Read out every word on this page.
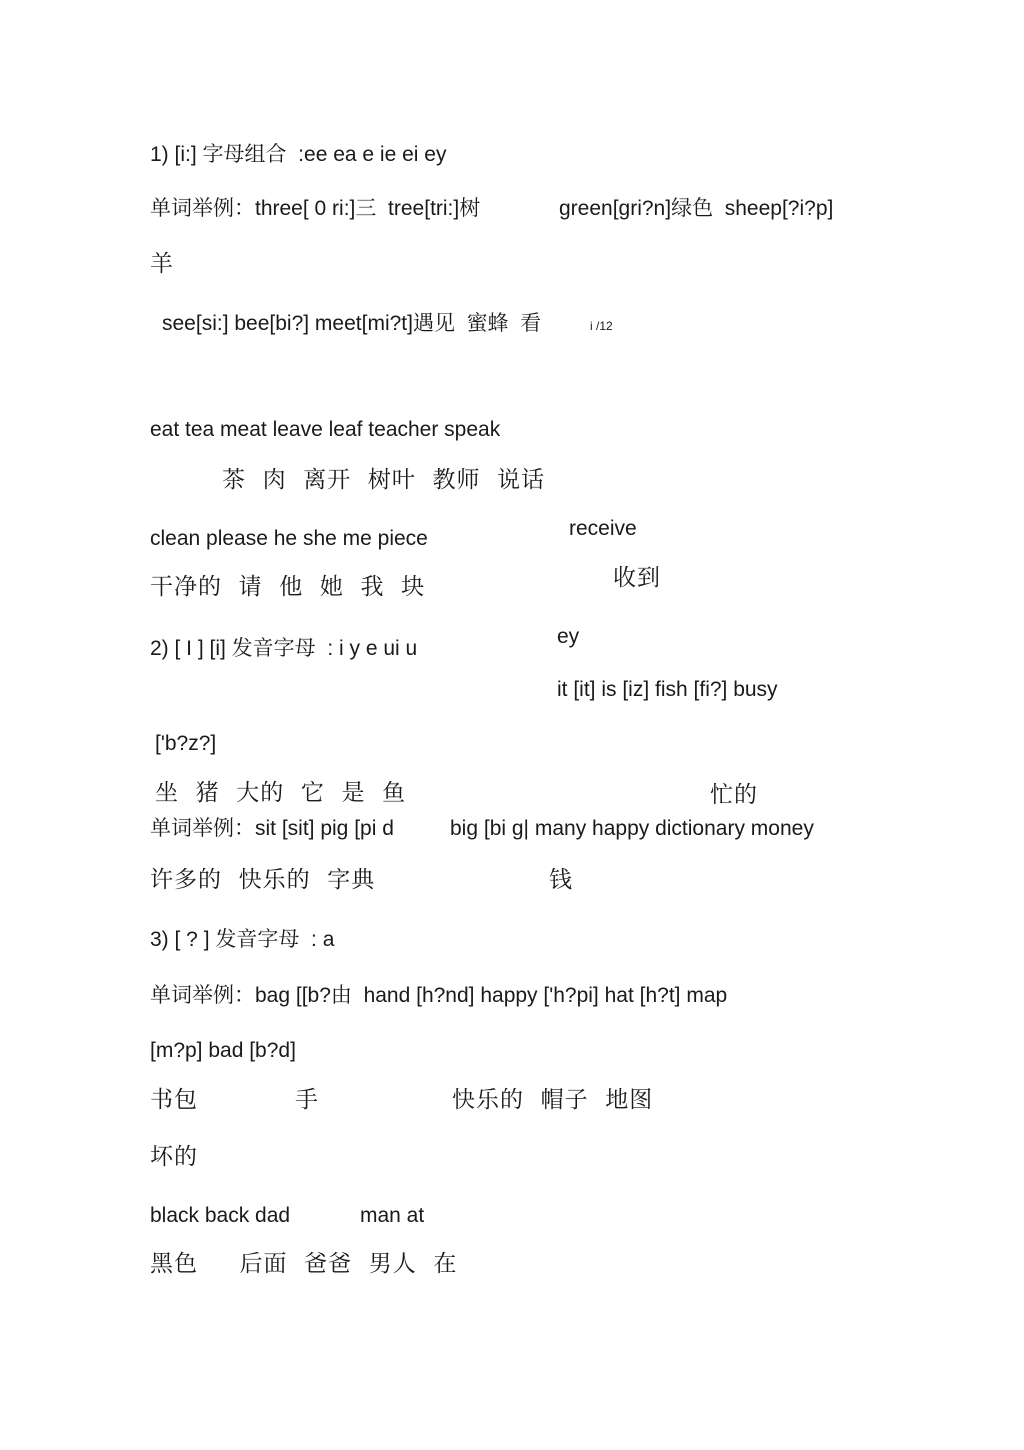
1) [i:] 字母组合  :ee ea e ie ei ey
单词举例：three[ 0 ri:]三  tree[tri:]树	green[gri?n]绿色  sheep[?i?p]
羊
see[si:] bee[bi?] meet[mi?t]遇见  蜜蜂  看	i /12
eat tea meat leave leaf teacher speak
茶  肉  离开  树叶  教师  说话
clean please he she me piece	receive
干净的  请  他  她  我  块	收到
2) [ I ] [i] 发音字母  : i y e ui u
ey
it [it] is [iz] fish [fi?] busy
['b?z?]
坐  猪  大的  它  是  鱼	忙的
单词举例：sit [sit] pig [pi d	big [bi g| many happy dictionary money
许多的  快乐的  字典	钱
3) [ ? ] 发音字母  : a
单词举例：bag [[b?由  hand [h?nd] happy ['h?pi] hat [h?t] map
[m?p] bad [b?d]
书包	手	快乐的  帽子  地图
坏的
black back dad	man at
黑色     后面  爸爸  男人  在
